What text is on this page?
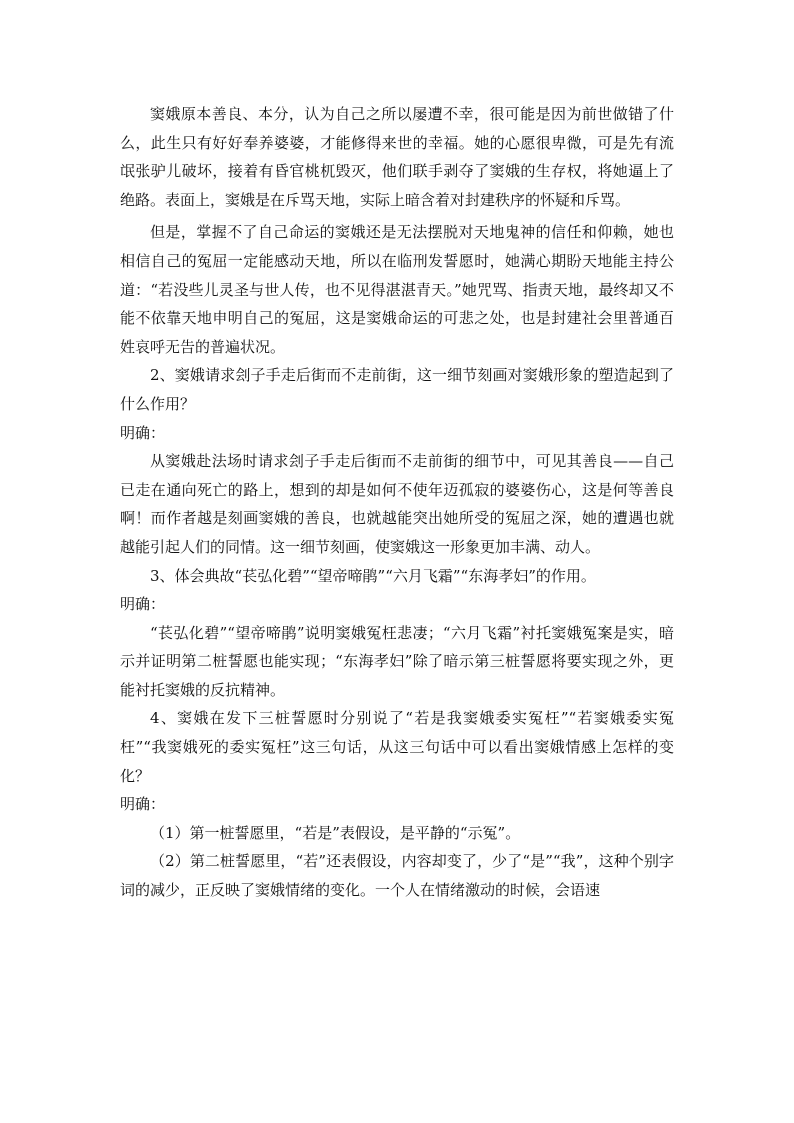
窦娥原本善良、本分，认为自己之所以屡遭不幸，很可能是因为前世做错了什么，此生只有好好奉养婆婆，才能修得来世的幸福。她的心愿很卑微，可是先有流氓张驴儿破坏，接着有昏官桃杌毁灭，他们联手剥夺了窦娥的生存权，将她逼上了绝路。表面上，窦娥是在斥骂天地，实际上暗含着对封建秩序的怀疑和斥骂。

但是，掌握不了自己命运的窦娥还是无法摆脱对天地鬼神的信任和仰赖，她也相信自己的冤屈一定能感动天地，所以在临刑发誓愿时，她满心期盼天地能主持公道：“若没些儿灵圣与世人传，也不见得湛湛青天。”她咒骂、指责天地，最终却又不能不依靠天地申明自己的冤屈，这是窦娥命运的可悲之处，也是封建社会里普通百姓哀呼无告的普遍状况。

2、窦娥请求刽子手走后街而不走前街，这一细节刻画对窦娥形象的塑造起到了什么作用？

明确：

从窦娥赴法场时请求刽子手走后街而不走前街的细节中，可见其善良——自己已走在通向死亡的路上，想到的却是如何不使年迈孤寂的婆婆伤心，这是何等善良啊！而作者越是刻画窦娥的善良，也就越能突出她所受的冤屈之深，她的遭遇也就越能引起人们的同情。这一细节刻画，使窦娥这一形象更加丰满、动人。

3、体会典故“苌弘化碧”“望帝啼鹃”“六月飞霜”“东海孝妇”的作用。

明确：

“苌弘化碧”“望帝啼鹃”说明窦娥冤枉悲凄；“六月飞霜”衬托窦娥冤案是实，暗示并证明第二桩誓愿也能实现；“东海孝妇”除了暗示第三桩誓愿将要实现之外，更能衬托窦娥的反抗精神。

4、窦娥在发下三桩誓愿时分别说了“若是我窦娥委实冤枉”“若窦娥委实冤枉”“我窦娥死的委实冤枉”这三句话，从这三句话中可以看出窦娥情感上怎样的变化？

明确：

（1）第一桩誓愿里，“若是”表假设，是平静的“示冤”。

（2）第二桩誓愿里，“若”还表假设，内容却变了，少了“是”“我”，这种个别字词的减少，正反映了窦娥情绪的变化。一个人在情绪激动的时候，会语速
